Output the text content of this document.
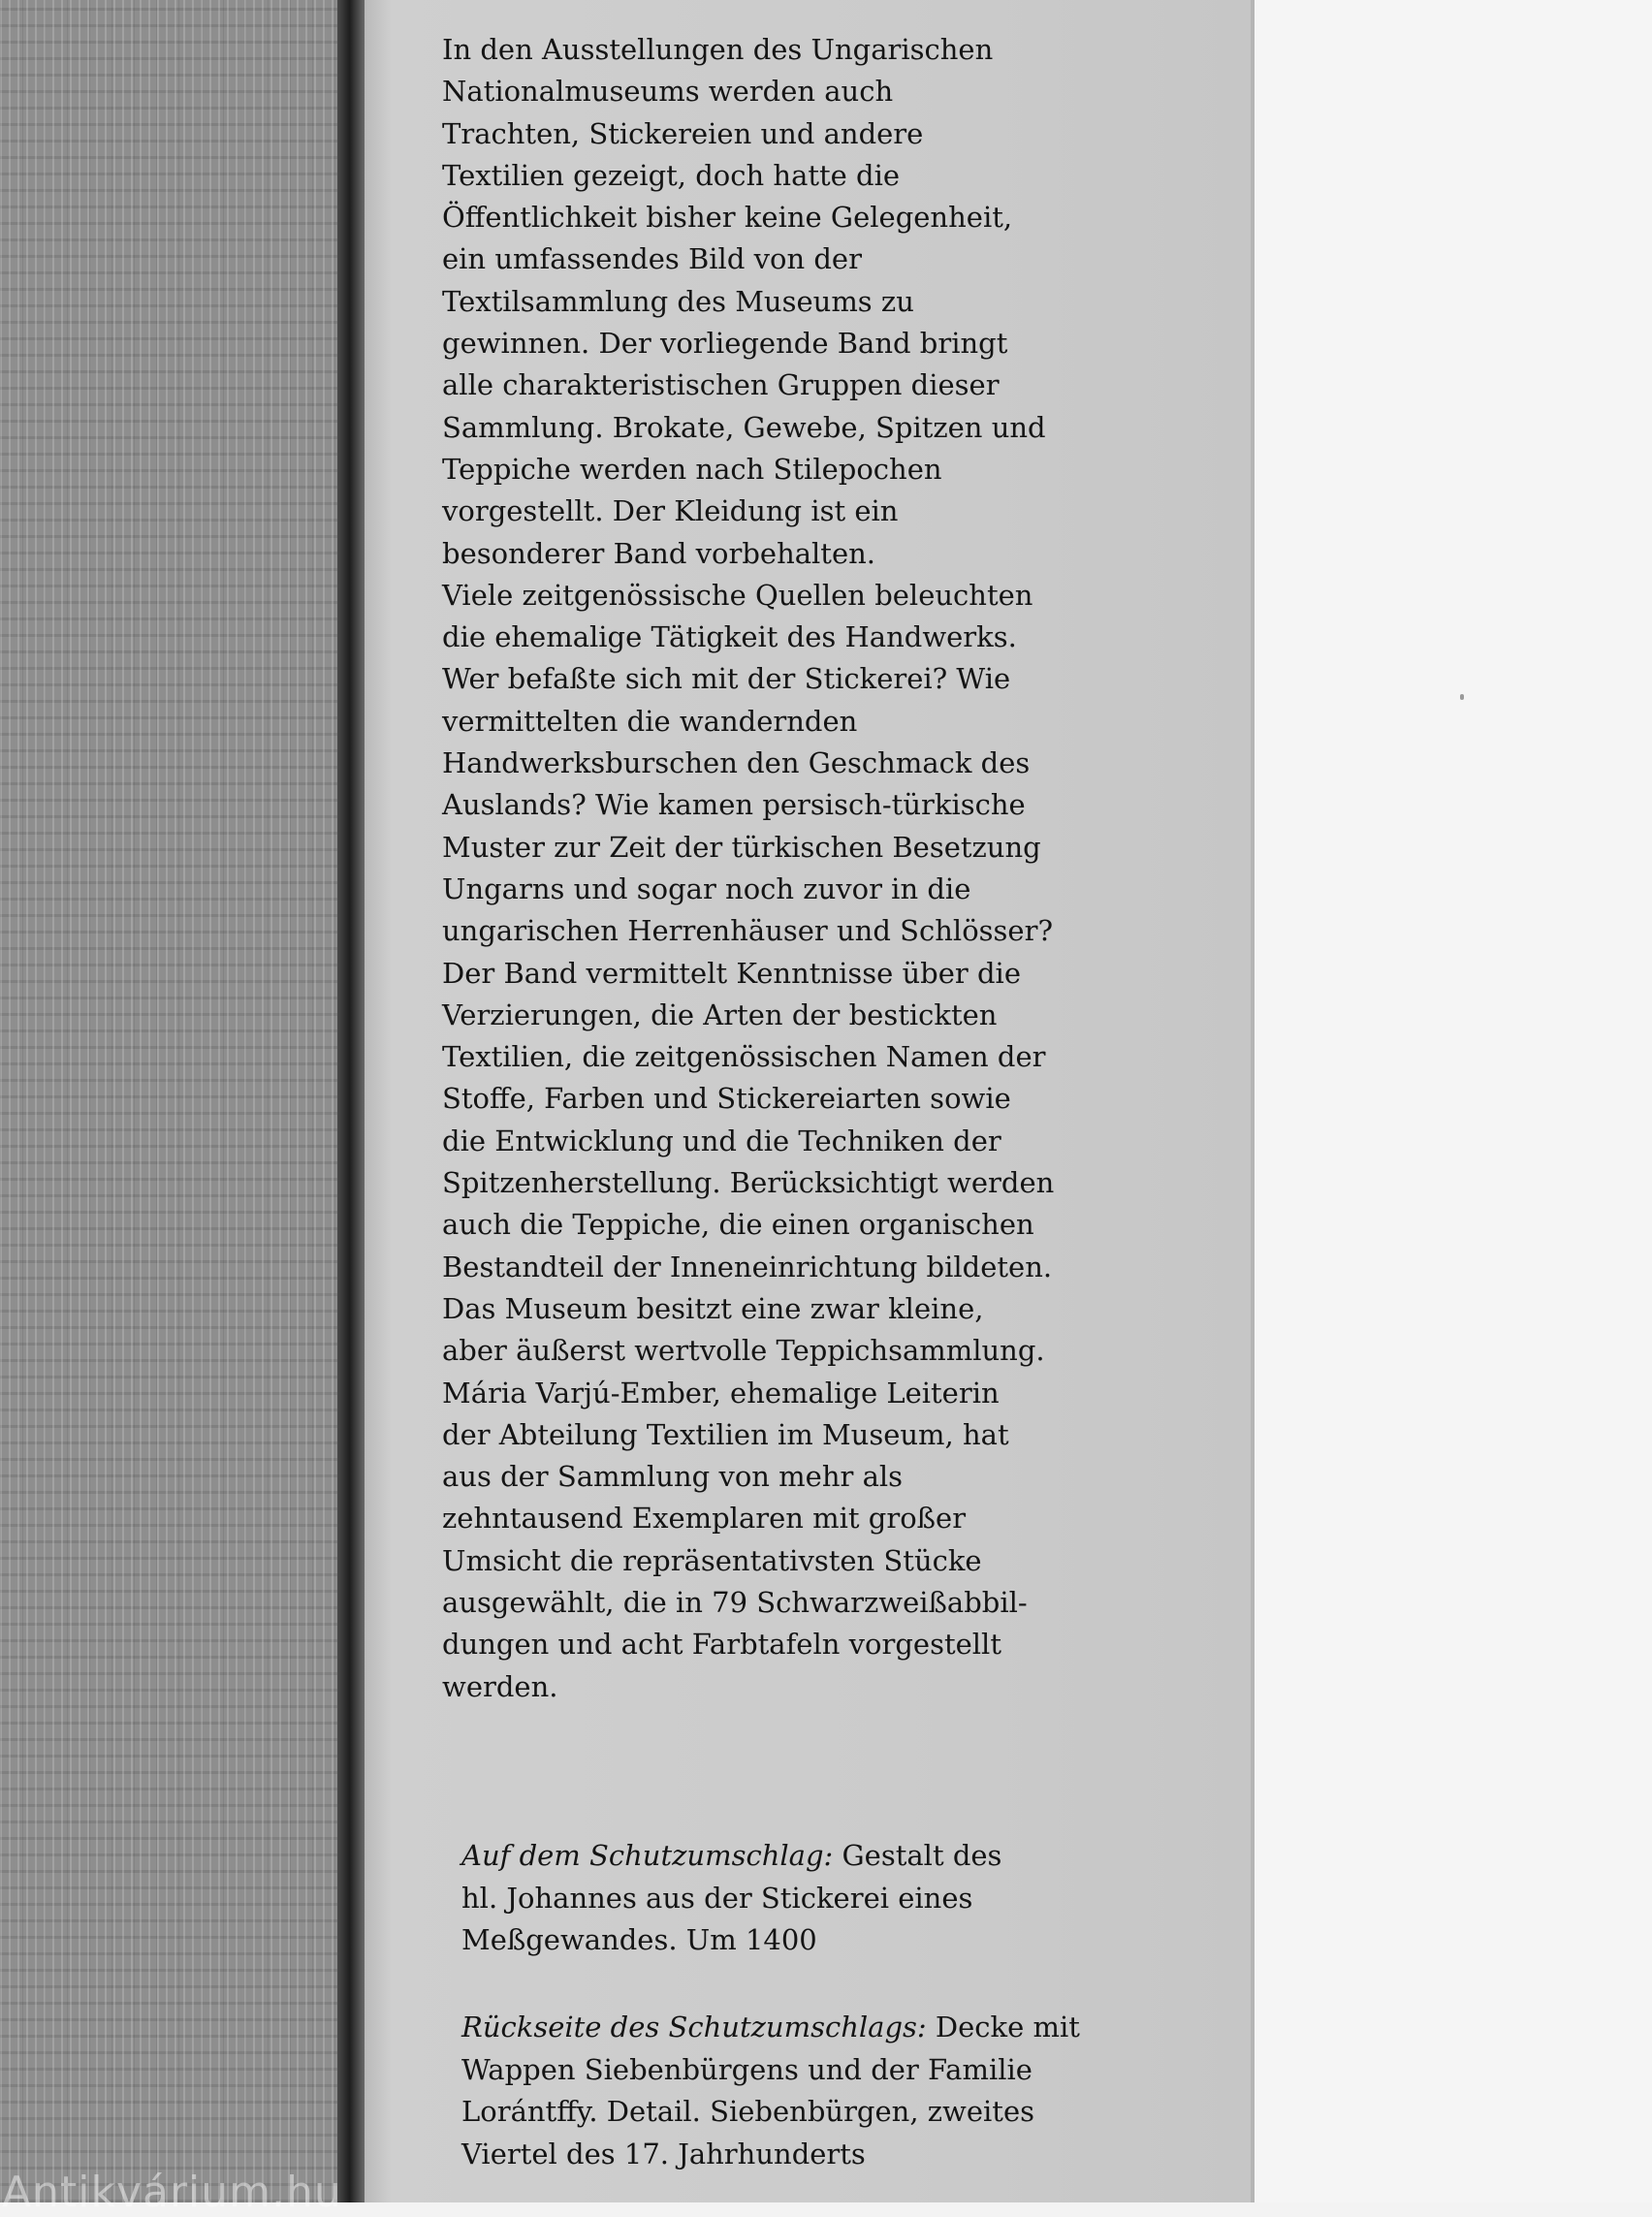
In den Ausstellungen des Ungarischen
Nationalmuseums werden auch
Trachten, Stickereien und andere
Textilien gezeigt, doch hatte die
Öffentlichkeit bisher keine Gelegenheit,
ein umfassendes Bild von der
Textilsammlung des Museums zu
gewinnen. Der vorliegende Band bringt
alle charakteristischen Gruppen dieser
Sammlung. Brokate, Gewebe, Spitzen und
Teppiche werden nach Stilepochen
vorgestellt. Der Kleidung ist ein
besonderer Band vorbehalten.
Viele zeitgenössische Quellen beleuchten
die ehemalige Tätigkeit des Handwerks.
Wer befaßte sich mit der Stickerei? Wie
vermittelten die wandernden
Handwerksburschen den Geschmack des
Auslands? Wie kamen persisch-türkische
Muster zur Zeit der türkischen Besetzung
Ungarns und sogar noch zuvor in die
ungarischen Herrenhäuser und Schlösser?
Der Band vermittelt Kenntnisse über die
Verzierungen, die Arten der bestickten
Textilien, die zeitgenössischen Namen der
Stoffe, Farben und Stickereiarten sowie
die Entwicklung und die Techniken der
Spitzenherstellung. Berücksichtigt werden
auch die Teppiche, die einen organischen
Bestandteil der Inneneinrichtung bildeten.
Das Museum besitzt eine zwar kleine,
aber äußerst wertvolle Teppichsammlung.
Mária Varjú-Ember, ehemalige Leiterin
der Abteilung Textilien im Museum, hat
aus der Sammlung von mehr als
zehntausend Exemplaren mit großer
Umsicht die repräsentativsten Stücke
ausgewählt, die in 79 Schwarzweißabbil-
dungen und acht Farbtafeln vorgestellt
werden.
Auf dem Schutzumschlag: Gestalt des
hl. Johannes aus der Stickerei eines
Meßgewandes. Um 1400
Rückseite des Schutzumschlags: Decke mit
Wappen Siebenbürgens und der Familie
Lorántffy. Detail. Siebenbürgen, zweites
Viertel des 17. Jahrhunderts
Antikvárium.hu
